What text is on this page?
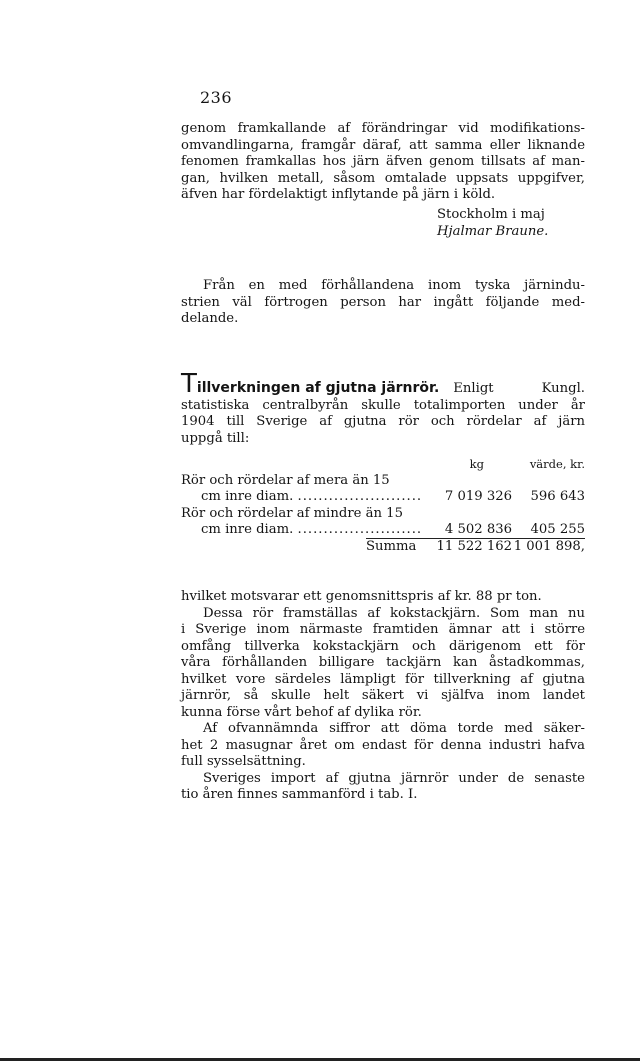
236
genom framkallande af förändringar vid modifikations-
omvandlingarna, framgår däraf, att samma eller liknande
fenomen framkallas hos järn äfven genom tillsats af man-
gan, hvilken metall, såsom omtalade uppsats uppgifver,
äfven har fördelaktigt inflytande på järn i köld.
Stockholm i maj
Hjalmar Braune.
Från en med förhållandena inom tyska järnindu-
strien väl förtrogen person har ingått följande med-
delande.
T illverkningen af gjutna järnrör. Enligt Kungl.
statistiska centralbyrån skulle totalimporten under år
1904 till Sverige af gjutna rör och rördelar af järn
uppgå till:
	kg	värde, kr.
Rör och rördelar af mera än 15		
cm inre diam. ........................	7 019 326	596 643
Rör och rördelar af mindre än 15		
cm inre diam. ........................	4 502 836	405 255
Summa	11 522 162	1 001 898,
hvilket motsvarar ett genomsnittspris af kr. 88 pr ton.
Dessa rör framställas af kokstackjärn. Som man nu
i Sverige inom närmaste framtiden ämnar att i större
omfång tillverka kokstackjärn och därigenom ett för
våra förhållanden billigare tackjärn kan åstadkommas,
hvilket vore särdeles lämpligt för tillverkning af gjutna
järnrör, så skulle helt säkert vi själfva inom landet
kunna förse vårt behof af dylika rör.
Af ofvannämnda siffror att döma torde med säker-
het 2 masugnar året om endast för denna industri hafva
full sysselsättning.
Sveriges import af gjutna järnrör under de senaste
tio åren finnes sammanförd i tab. I.
